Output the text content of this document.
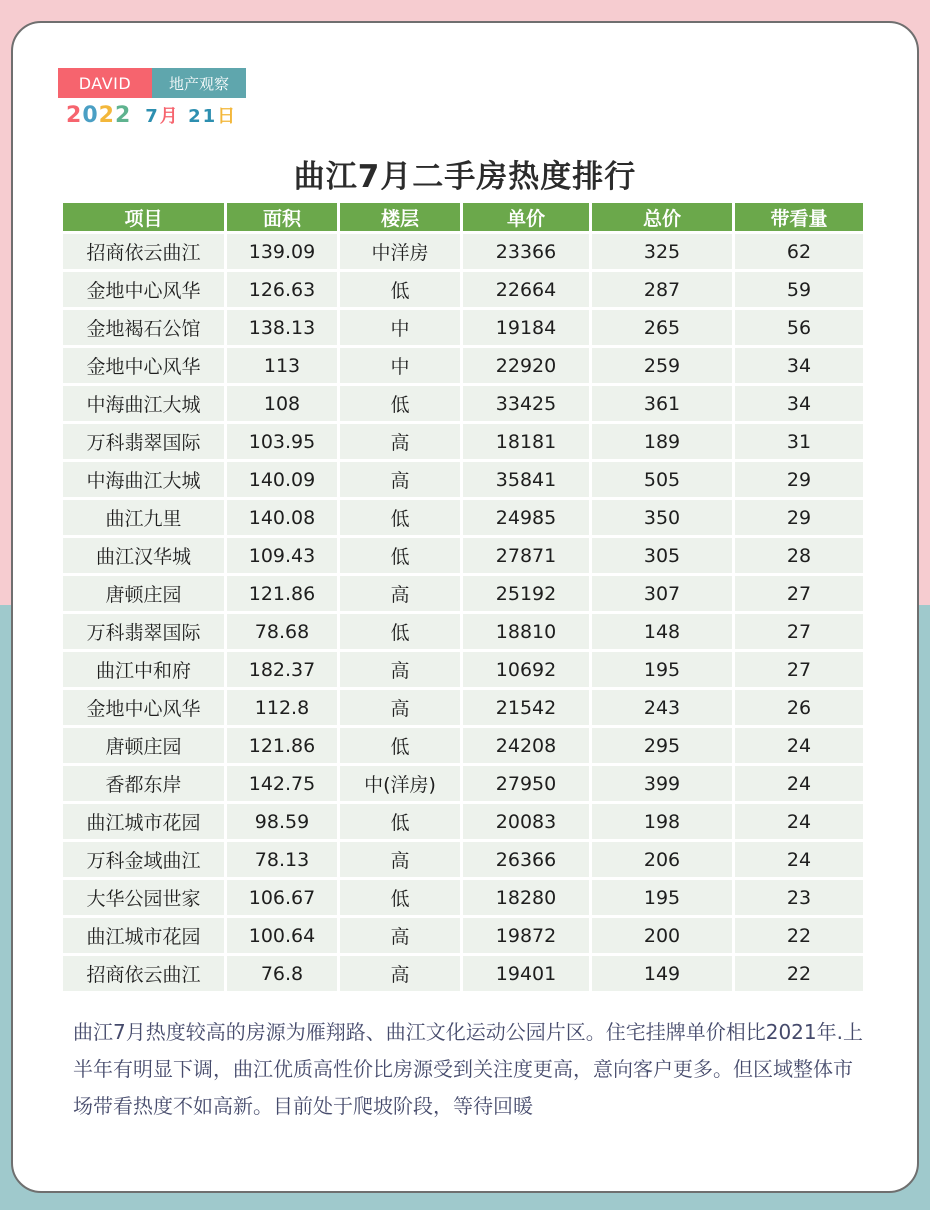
DAVID	地产观察
2022 7月 21日
曲江7月二手房热度排行
项目	面积	楼层	单价	总价	带看量
招商依云曲江	139.09	中洋房	23366	325	62
金地中心风华	126.63	低	22664	287	59
金地褐石公馆	138.13	中	19184	265	56
金地中心风华	113	中	22920	259	34
中海曲江大城	108	低	33425	361	34
万科翡翠国际	103.95	高	18181	189	31
中海曲江大城	140.09	高	35841	505	29
曲江九里	140.08	低	24985	350	29
曲江汉华城	109.43	低	27871	305	28
唐顿庄园	121.86	高	25192	307	27
万科翡翠国际	78.68	低	18810	148	27
曲江中和府	182.37	高	10692	195	27
金地中心风华	112.8	高	21542	243	26
唐顿庄园	121.86	低	24208	295	24
香都东岸	142.75	中(洋房)	27950	399	24
曲江城市花园	98.59	低	20083	198	24
万科金域曲江	78.13	高	26366	206	24
大华公园世家	106.67	低	18280	195	23
曲江城市花园	100.64	高	19872	200	22
招商依云曲江	76.8	高	19401	149	22
曲江7月热度较高的房源为雁翔路、曲江文化运动公园片区。住宅挂牌单价相比2021年.上半年有明显下调，曲江优质高性价比房源受到关注度更高，意向客户更多。但区域整体市场带看热度不如高新。目前处于爬坡阶段，等待回暖
